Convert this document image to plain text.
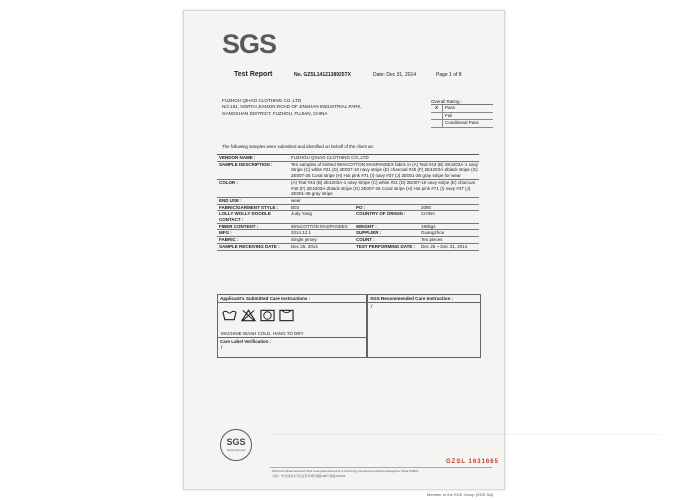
SGS
Test Report	No. GZSL1412138925TX	Date: Dec 31, 2014	Page 1 of 8
FUZHOU QIHAO CLOTHING CO.,LTD
NO.161, NORTH JIANXIN ROAD OF JINSHAN INDUSTRIAL PARK,
GANGSHAN DISTRICT, FUZHOU, FUJIAN, CHINA
Overall Rating :
X	Pass
Fail
Conditional Pass
The following samples were submitted and identified on behalf of the client as:
VENDOR NAME :	FUZHOU QIHAO CLOTHING CO.,LTD
SAMPLE DESCRIPTION :	Ten samples of knitted 95%COTTON 5%SPANDEX fabric in (A) Teal #43 (B) 2E4203A-1 navy Stripe (C) white #21 (D) 2E007-10 navy stripe (E) charcoal #45 (F) 2E4203A-2black stripe (G) 2E007-26 Coral stripe (H) Hot pink #71 (I) navy #37 (J) 2E001-36 gray stripe for wear
COLOR :	(A) Teal #43 (B) 2E4203A-1 navy Stripe (C) white #21 (D) 2E007-10 navy stripe (E) charcoal #45 (F) 2E4203A-2black stripe (G) 2E007-26 Coral stripe (H) Hot pink #71 (I) navy #37 (J) 2E001-36 gray stripe
END USE :	wear
FABRIC/GARMENT STYLE :	B03	PO :	2080
LOLLY WOLLY DOODLE CONTACT :
Judy Yang	COUNTRY OF ORIGIN :	CHINA
FIBER CONTENT :	95%COTTON 5%SPANDEX	WEIGHT :	190kgs
MFG :	2014.12.1	SUPPLIER :	Guangzhou
FABRIC :	Single jersey	COUNT :	Ten pieces
SAMPLE RECEIVING DATE :	Dec 26, 2014	TEST PERFORMING DATE :	Dec 26 ~ Dec 31, 2014
Applicant's Submitted Care Instructions :
MACHINE WASH COLD, HANG TO DRY
Care Label Verification :
/
SGS Recommended Care Instruction :
/
SGS
Testing Services
·····································································································································································································································································································································································································································································
GZSL 1631665
198 Kezhu Road,Scientech Park Guangzhou Economic & Technology Development District,Guangzhou,China 510663
中国·广州·经济技术开发区科学城科珠路198号 邮编:510663
Member of the SGS Group (SGS SA)
